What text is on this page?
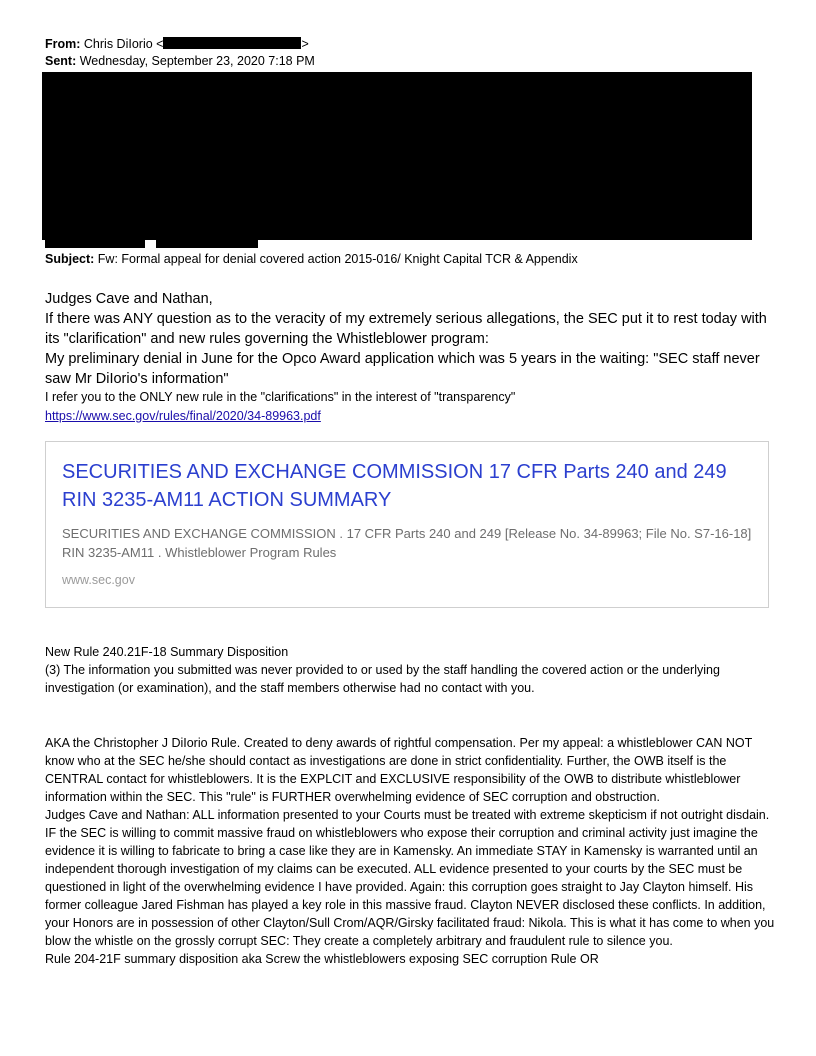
From: Chris DiIorio <	>
Sent: Wednesday, September 23, 2020 7:18 PM
Subject: Fw: Formal appeal for denial covered action 2015-016/ Knight Capital TCR & Appendix

Judges Cave and Nathan,

If there was ANY question as to the veracity of my extremely serious allegations, the SEC put it to rest today with its "clarification" and new rules governing the Whistleblower program:

My preliminary denial in June for the Opco Award application which was 5 years in the waiting: "SEC staff never saw Mr DiIorio's information"

I refer you to the ONLY new rule in the "clarifications" in the interest of "transparency"

https://www.sec.gov/rules/final/2020/34-89963.pdf
SECURITIES AND EXCHANGE COMMISSION 17 CFR Parts 240 and 249 RIN 3235-AM11 ACTION SUMMARY
SECURITIES AND EXCHANGE COMMISSION . 17 CFR Parts 240 and 249 [Release No. 34-89963; File No. S7-16-18] RIN 3235-AM11 . Whistleblower Program Rules
www.sec.gov

New Rule 240.21F-18 Summary Disposition

(3) The information you submitted was never provided to or used by the staff handling the covered action or the underlying investigation (or examination), and the staff members otherwise had no contact with you.

AKA the Christopher J DiIorio Rule. Created to deny awards of rightful compensation. Per my appeal: a whistleblower CAN NOT know who at the SEC he/she should contact as investigations are done in strict confidentiality. Further, the OWB itself is the CENTRAL contact for whistleblowers. It is the EXPLCIT and EXCLUSIVE responsibility of the OWB to distribute whistleblower information within the SEC. This "rule" is FURTHER overwhelming evidence of SEC corruption and obstruction.

Judges Cave and Nathan: ALL information presented to your Courts must be treated with extreme skepticism if not outright disdain. IF the SEC is willing to commit massive fraud on whistleblowers who expose their corruption and criminal activity just imagine the evidence it is willing to fabricate to bring a case like they are in Kamensky. An immediate STAY in Kamensky is warranted until an independent thorough investigation of my claims can be executed. ALL evidence presented to your courts by the SEC must be questioned in light of the overwhelming evidence I have provided. Again: this corruption goes straight to Jay Clayton himself. His former colleague Jared Fishman has played a key role in this massive fraud. Clayton NEVER disclosed these conflicts. In addition, your Honors are in possession of other Clayton/Sull Crom/AQR/Girsky facilitated fraud: Nikola. This is what it has come to when you blow the whistle on the grossly corrupt SEC: They create a completely arbitrary and fraudulent rule to silence you.

Rule 204-21F summary disposition aka Screw the whistleblowers exposing SEC corruption Rule OR
